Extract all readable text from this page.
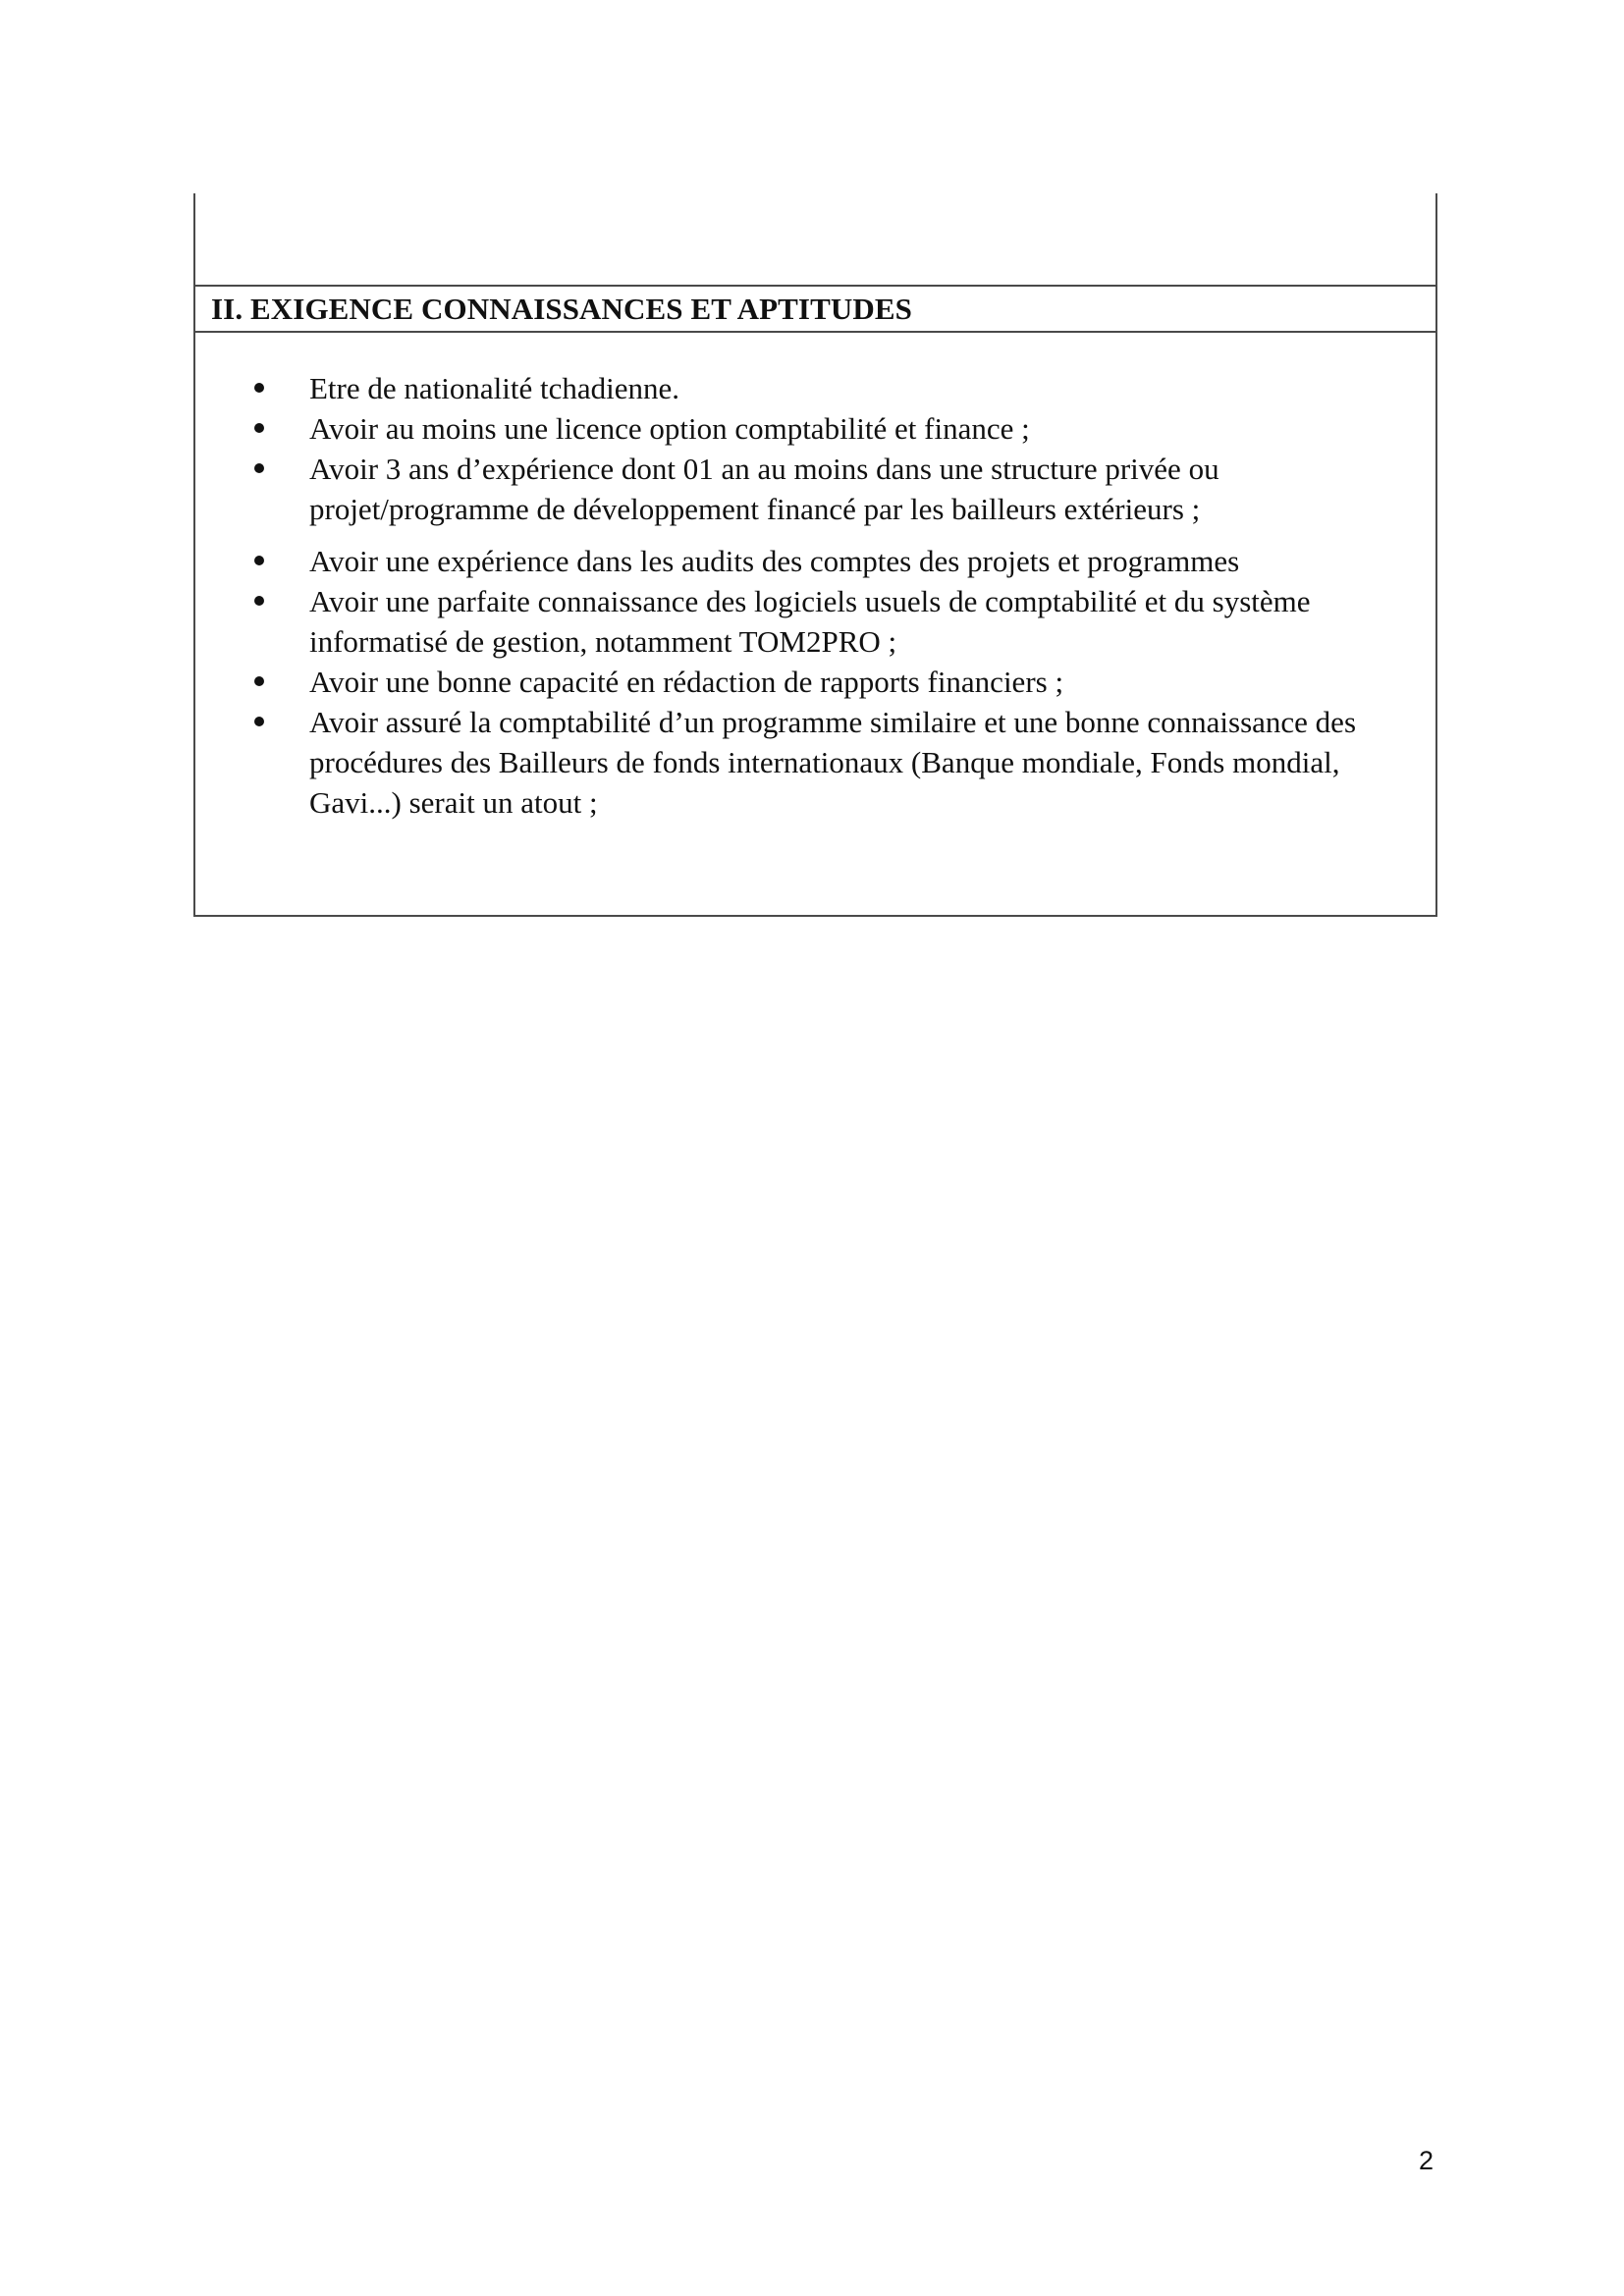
II. EXIGENCE CONNAISSANCES ET APTITUDES
Etre de nationalité tchadienne.
Avoir au moins une licence option comptabilité et finance ;
Avoir 3 ans d’expérience dont 01 an au moins dans une structure privée ou projet/programme de développement financé par les bailleurs extérieurs ;
Avoir une expérience dans les audits des comptes des projets et programmes
Avoir une parfaite connaissance des logiciels usuels de comptabilité et du système informatisé de gestion, notamment TOM2PRO ;
Avoir une bonne capacité en rédaction de rapports financiers ;
Avoir assuré la comptabilité d’un programme similaire et une bonne connaissance des procédures des Bailleurs de fonds internationaux (Banque mondiale, Fonds mondial, Gavi...) serait un atout ;
2
